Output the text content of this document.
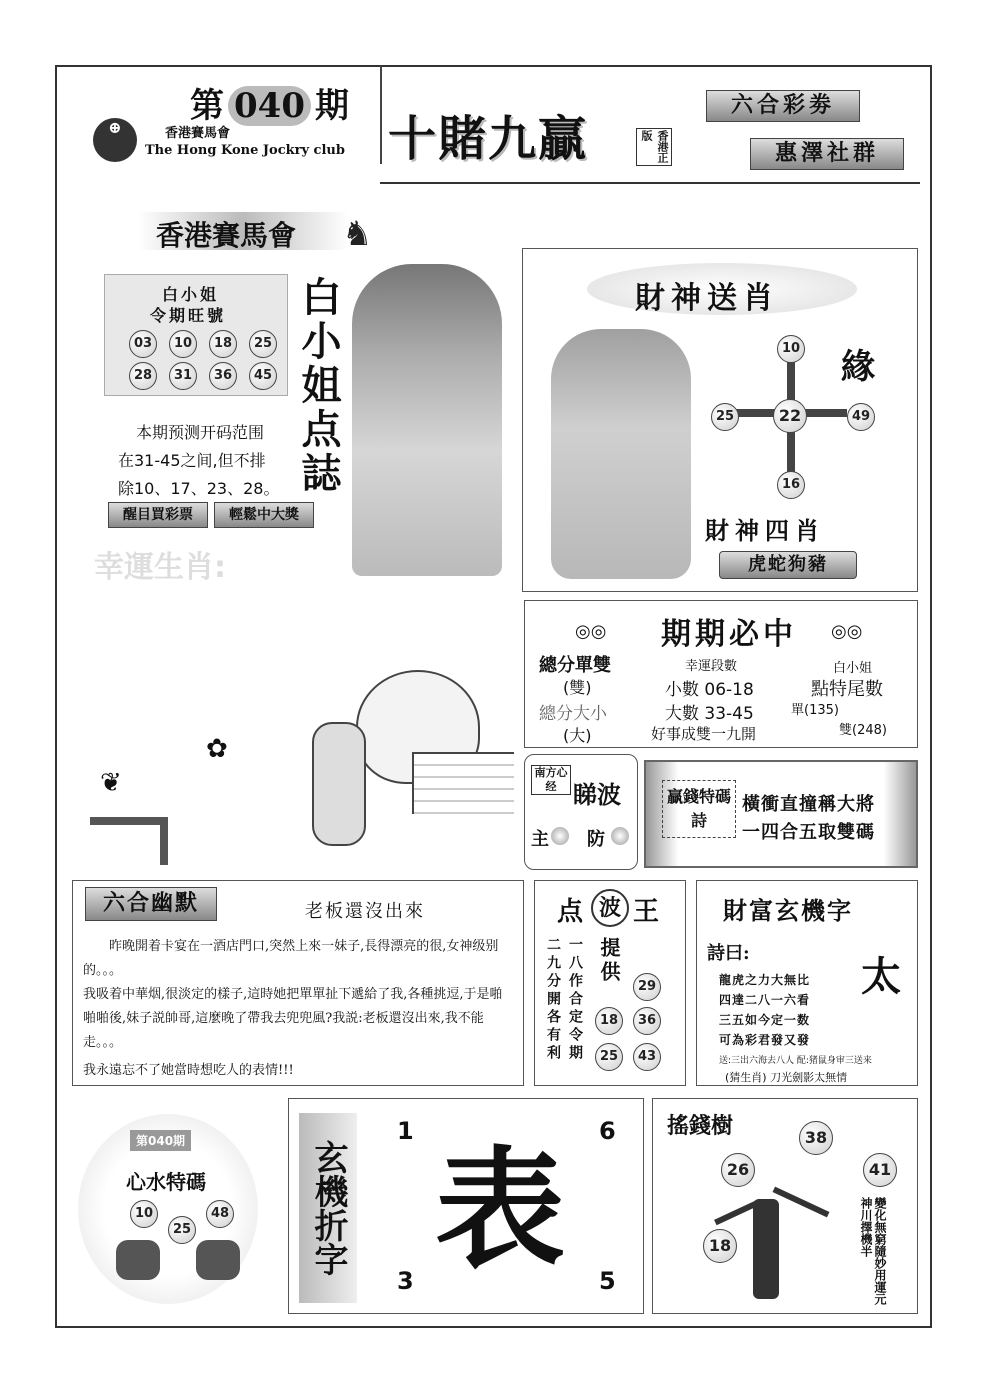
第 040 期
⊕	香港賽馬會
The Hong Kone Jockry club 十賭九贏	香港正版
六合彩劵
惠澤社群
香港賽馬會 ♞
白小姐
令期旺號
03	10	18	25
28	31	36	45 白小姐点誌
本期预测开码范围
在31-45之间,但不排
除10、17、23、28。
醒目買彩票	輕鬆中大獎
幸運生肖:
財神送肖
22
10
25	49
16
緣
財神四肖
虎蛇狗豬
✿
❦
◎◎ 期期必中 ◎◎
總分單雙	幸運段數	白小姐
(雙)	小數 06-18	點特尾數
總分大小	大數 33-45	單(135)
(大)	好事成雙一九開	雙(248)
南方心经 睇波
主 防
贏錢特碼詩
橫衝直撞稱大將
一四合五取雙碼
六合幽默	老板還沒出來
昨晚開着卡宴在一酒店門口,突然上來一妹子,長得漂亮的很,女神级别的。。。
我吸着中華烟,很淡定的樣子,這時她把單單扯下遞給了我,各種挑逗,于是啪啪啪後,妹子説帥哥,這麼晚了帶我去兜兜風?我説:老板還沒出來,我不能走。。。
我永遠忘不了她當時想吃人的表情!!!
点 波 王
二九分開各有利 一八作合定令期 提供
29
18	36
25	43
財富玄機字
詩曰:	太
龍虎之力大無比
四達二八一六看
三五如今定一数
可為彩君發又發
送:三出六海去八人 配:猪鼠身审三送来
(猜生肖) 刀光劍影太無情
第040期
心水特碼
10
25
48 玄機折字 表
1	6
3	5
搖錢樹	38
26	41
18	變化無窮隨妙用運元神川擇機半
